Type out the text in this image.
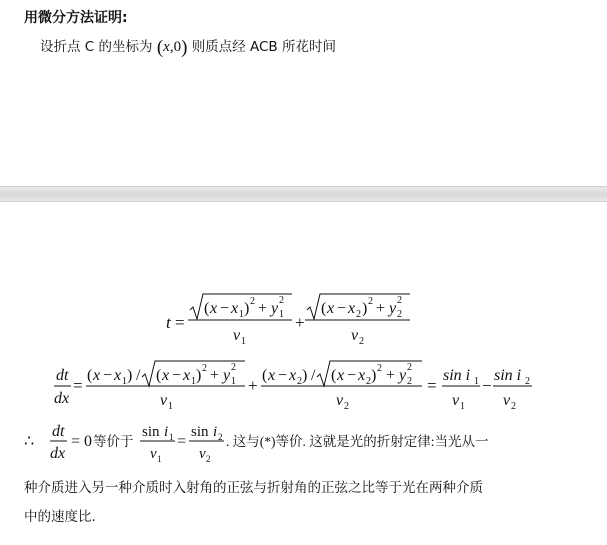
用微分方法证明:
设折点 C 的坐标为 (x,0) 则质点经 ACB 所花时间
t =
( x − x 1 ) 2 + y 1
2
v 1
+
( x − x 2 ) 2 + y 2
2
v 2
dt
dx
=
( x − x 1 ) / ( x − x 1 ) 2 + y 1
2
v 1
+
( x − x 2 ) / ( x − x 2 ) 2 + y 2
2
v 2
=
sin i 1
v 1
−
sin i 2
v 2
∴
dt
dx
= 0 等价于
sin i 1
v 1
=
sin i 2
v 2
. 这与(*)等价. 这就是光的折射定律:当光从一
种介质进入另一种介质时入射角的正弦与折射角的正弦之比等于光在两种介质
中的速度比.
